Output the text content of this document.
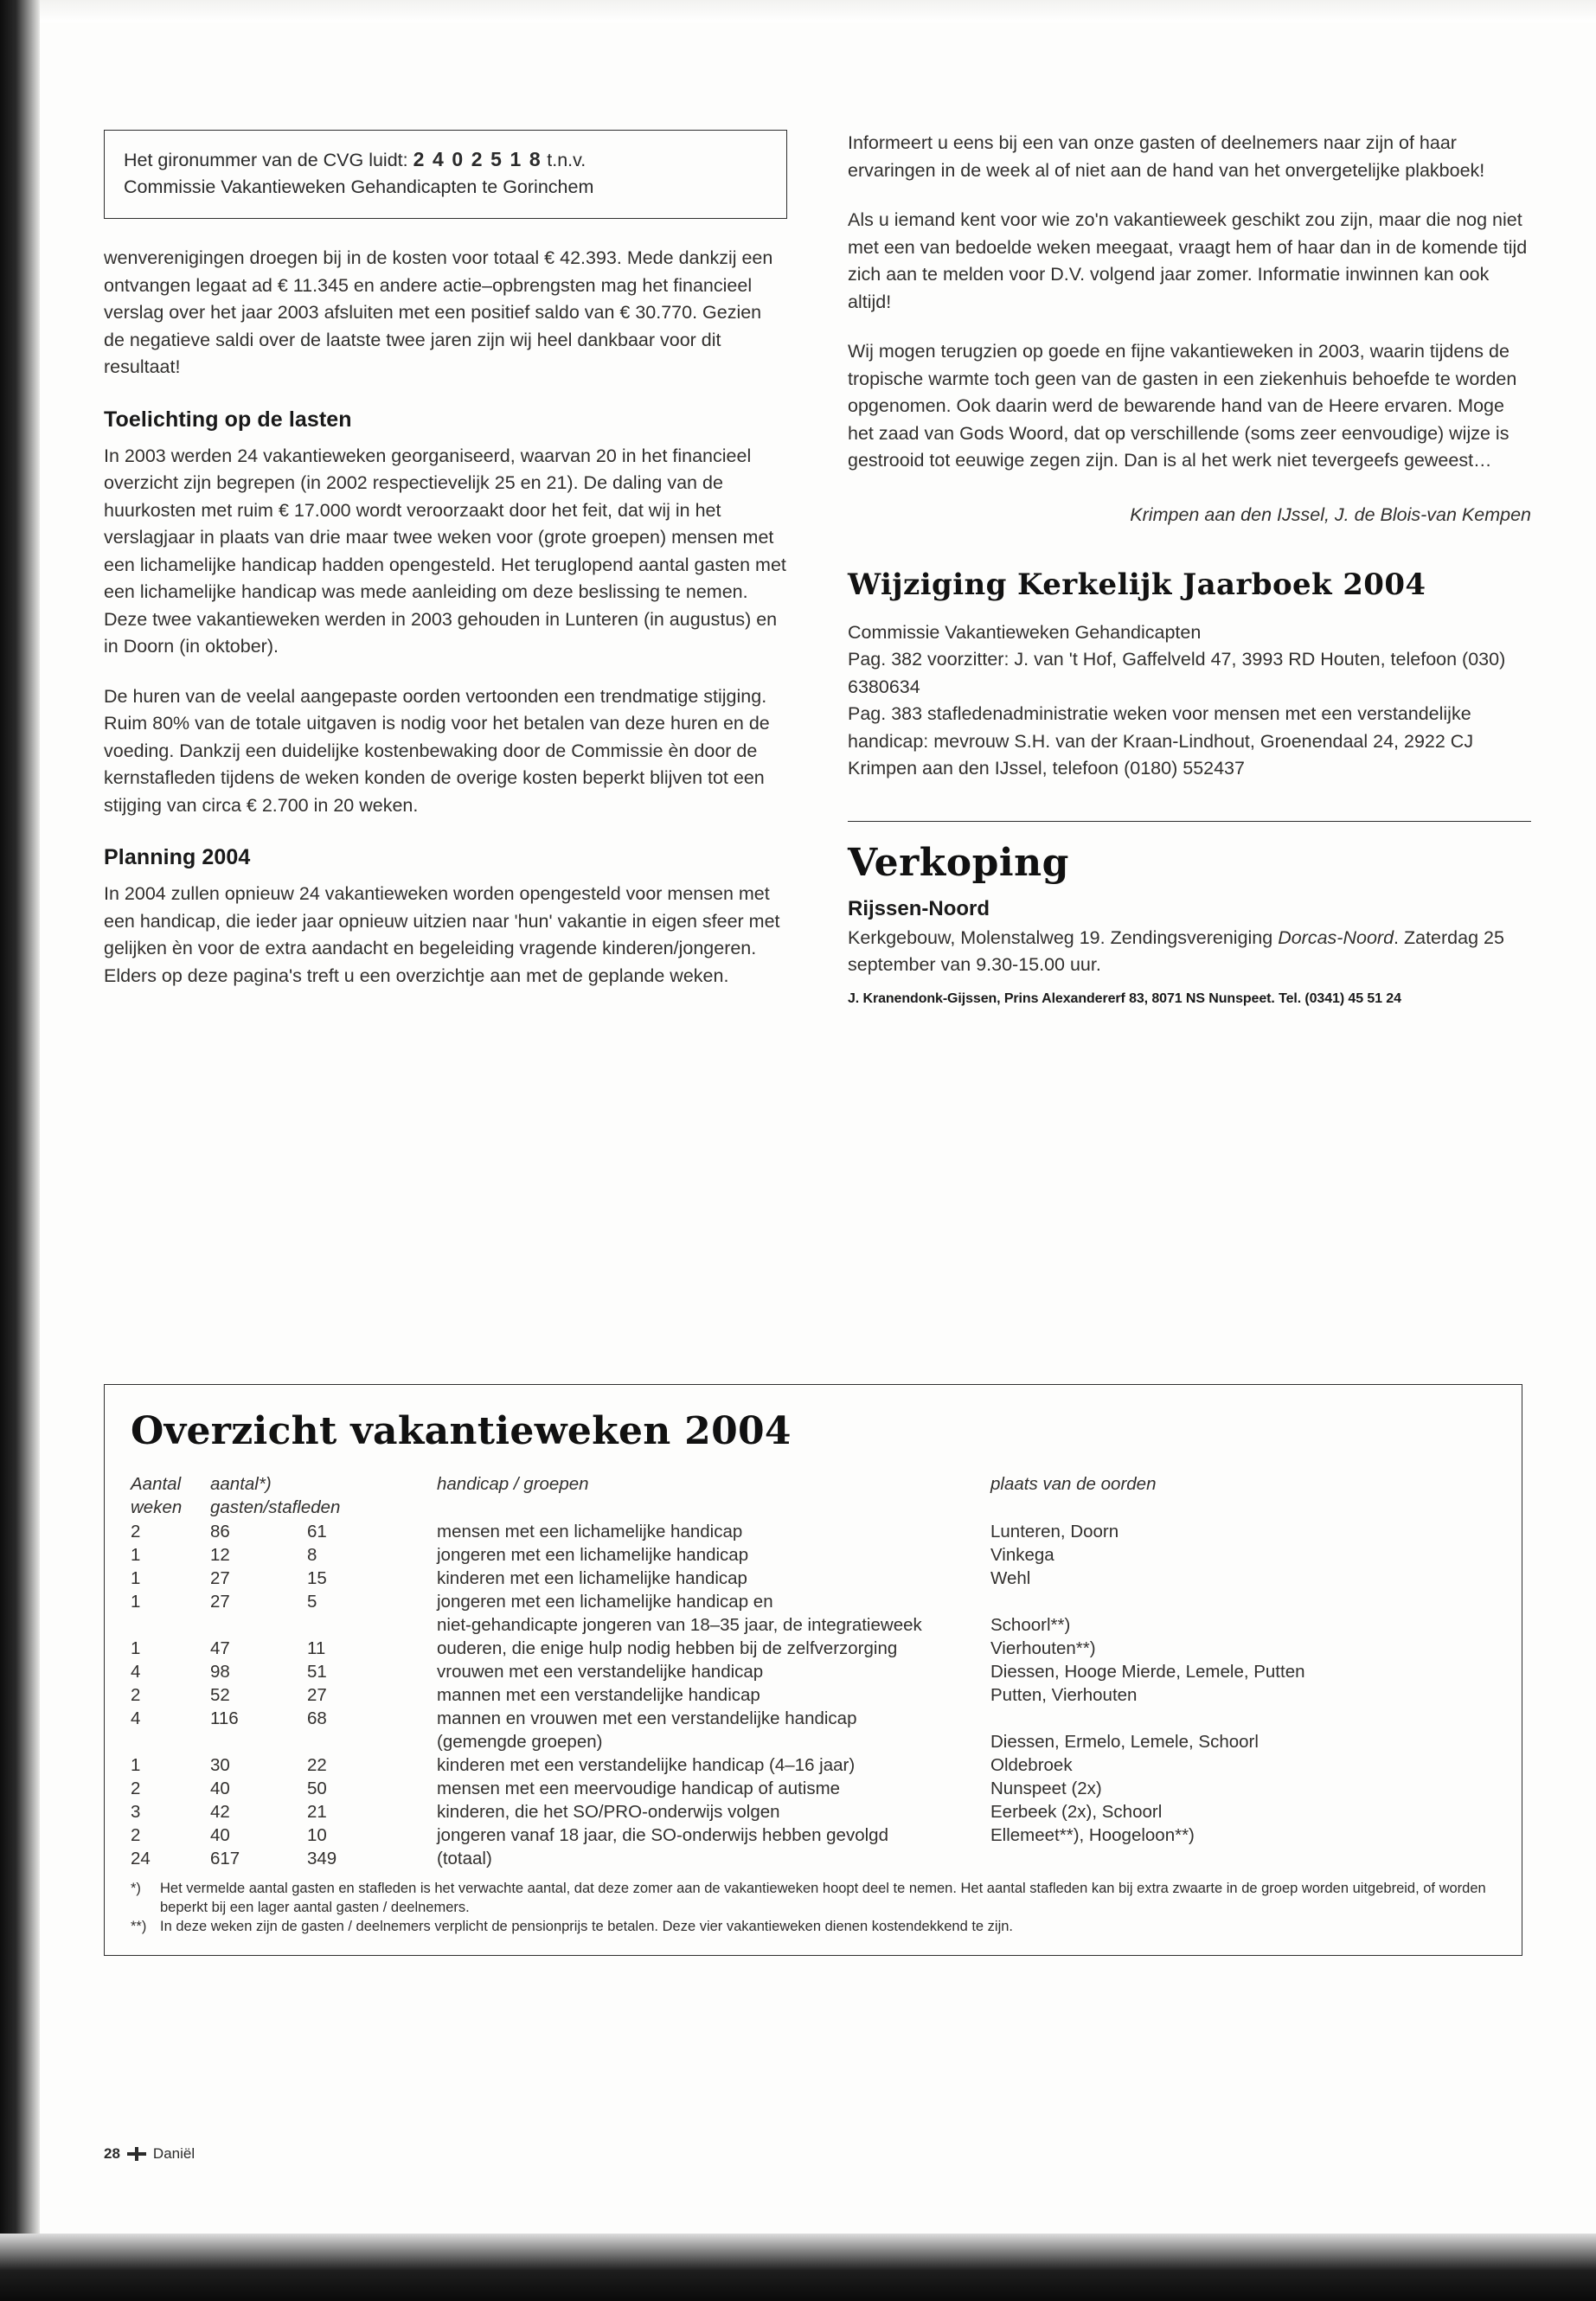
Het gironummer van de CVG luidt: 2 4 0 2 5 1 8 t.n.v.
Commissie Vakantieweken Gehandicapten te Gorinchem

wenverenigingen droegen bij in de kosten voor totaal € 42.393. Mede dankzij een ontvangen legaat ad € 11.345 en andere actie–opbrengsten mag het financieel verslag over het jaar 2003 afsluiten met een positief saldo van € 30.770. Gezien de negatieve saldi over de laatste twee jaren zijn wij heel dankbaar voor dit resultaat!

Toelichting op de lasten

In 2003 werden 24 vakantieweken georganiseerd, waarvan 20 in het financieel overzicht zijn begrepen (in 2002 respectievelijk 25 en 21). De daling van de huurkosten met ruim € 17.000 wordt veroorzaakt door het feit, dat wij in het verslagjaar in plaats van drie maar twee weken voor (grote groepen) mensen met een lichamelijke handicap hadden opengesteld. Het teruglopend aantal gasten met een lichamelijke handicap was mede aanleiding om deze beslissing te nemen. Deze twee vakantieweken werden in 2003 gehouden in Lunteren (in augustus) en in Doorn (in oktober).

De huren van de veelal aangepaste oorden vertoonden een trendmatige stijging. Ruim 80% van de totale uitgaven is nodig voor het betalen van deze huren en de voeding. Dankzij een duidelijke kostenbewaking door de Commissie èn door de kernstafleden tijdens de weken konden de overige kosten beperkt blijven tot een stijging van circa € 2.700 in 20 weken.

Planning 2004

In 2004 zullen opnieuw 24 vakantieweken worden opengesteld voor mensen met een handicap, die ieder jaar opnieuw uitzien naar 'hun' vakantie in eigen sfeer met gelijken èn voor de extra aandacht en begeleiding vragende kinderen/jongeren. Elders op deze pagina's treft u een overzichtje aan met de geplande weken.

Informeert u eens bij een van onze gasten of deelnemers naar zijn of haar ervaringen in de week al of niet aan de hand van het onvergetelijke plakboek!

Als u iemand kent voor wie zo'n vakantieweek geschikt zou zijn, maar die nog niet met een van bedoelde weken meegaat, vraagt hem of haar dan in de komende tijd zich aan te melden voor D.V. volgend jaar zomer. Informatie inwinnen kan ook altijd!

Wij mogen terugzien op goede en fijne vakantieweken in 2003, waarin tijdens de tropische warmte toch geen van de gasten in een ziekenhuis behoefde te worden opgenomen. Ook daarin werd de bewarende hand van de Heere ervaren. Moge het zaad van Gods Woord, dat op verschillende (soms zeer eenvoudige) wijze is gestrooid tot eeuwige zegen zijn. Dan is al het werk niet tevergeefs geweest…

Krimpen aan den IJssel, J. de Blois-van Kempen
Wijziging Kerkelijk Jaarboek 2004

Commissie Vakantieweken Gehandicapten

Pag. 382 voorzitter: J. van 't Hof, Gaffelveld 47, 3993 RD Houten, telefoon (030) 6380634

Pag. 383 stafledenadministratie weken voor mensen met een verstandelijke handicap: mevrouw S.H. van der Kraan-Lindhout, Groenendaal 24, 2922 CJ Krimpen aan den IJssel, telefoon (0180) 552437

Verkoping
Rijssen-Noord

Kerkgebouw, Molenstalweg 19. Zendingsvereniging Dorcas-Noord. Zaterdag 25 september van 9.30-15.00 uur.

J. Kranendonk-Gijssen, Prins Alexandererf 83, 8071 NS Nunspeet. Tel. (0341) 45 51 24
Overzicht vakantieweken 2004
Aantal	aantal*)		handicap / groepen	plaats van de oorden
weken	gasten/stafleden			
2	86	61	mensen met een lichamelijke handicap	Lunteren, Doorn
1	12	8	jongeren met een lichamelijke handicap	Vinkega
1	27	15	kinderen met een lichamelijke handicap	Wehl
1	27	5	jongeren met een lichamelijke handicap en	
			niet-gehandicapte jongeren van 18–35 jaar, de integratieweek	Schoorl**)
1	47	11	ouderen, die enige hulp nodig hebben bij de zelfverzorging	Vierhouten**)
4	98	51	vrouwen met een verstandelijke handicap	Diessen, Hooge Mierde, Lemele, Putten
2	52	27	mannen met een verstandelijke handicap	Putten, Vierhouten
4	116	68	mannen en vrouwen met een verstandelijke handicap	
			(gemengde groepen)	Diessen, Ermelo, Lemele, Schoorl
1	30	22	kinderen met een verstandelijke handicap (4–16 jaar)	Oldebroek
2	40	50	mensen met een meervoudige handicap of autisme	Nunspeet (2x)
3	42	21	kinderen, die het SO/PRO-onderwijs volgen	Eerbeek (2x), Schoorl
2	40	10	jongeren vanaf 18 jaar, die SO-onderwijs hebben gevolgd	Ellemeet**), Hoogeloon**)
24	617	349	(totaal)	
*)	Het vermelde aantal gasten en stafleden is het verwachte aantal, dat deze zomer aan de vakantieweken hoopt deel te nemen. Het aantal stafleden kan bij extra zwaarte in de groep worden uitgebreid, of worden beperkt bij een lager aantal gasten / deelnemers.
**) In deze weken zijn de gasten / deelnemers verplicht de pensionprijs te betalen. Deze vier vakantieweken dienen kostendekkend te zijn.
28 Daniël
